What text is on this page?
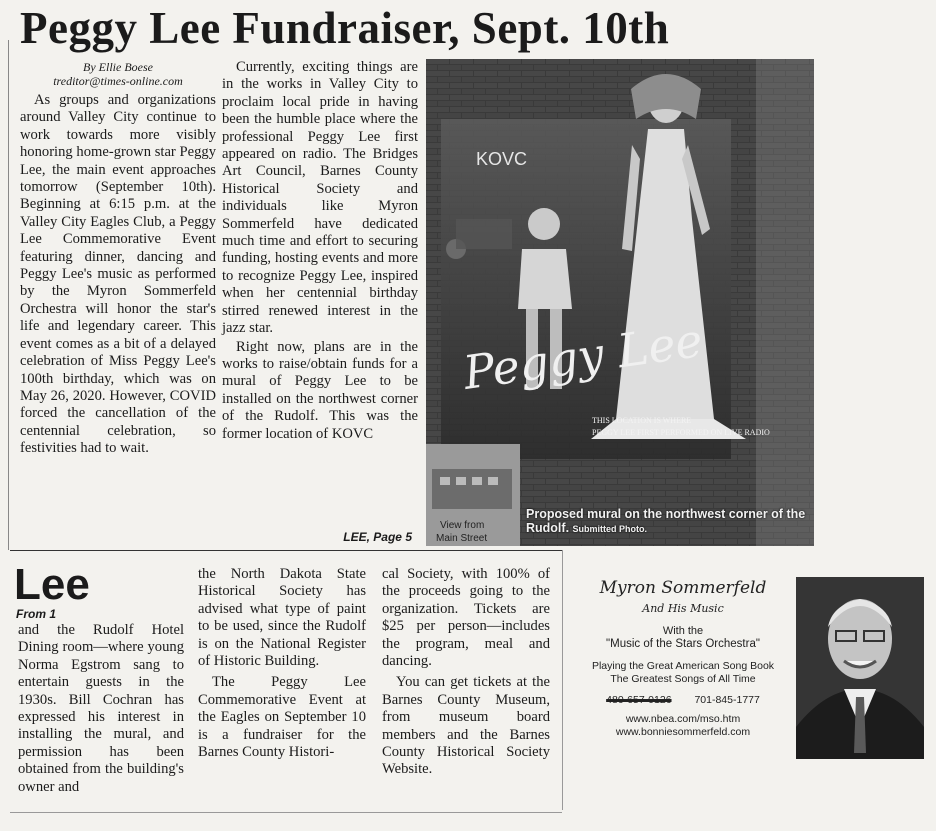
Peggy Lee Fundraiser, Sept. 10th
By Ellie Boese
treditor@times-online.com

As groups and organizations around Valley City continue to work towards more visibly honoring home-grown star Peggy Lee, the main event approaches tomorrow (September 10th). Beginning at 6:15 p.m. at the Valley City Eagles Club, a Peggy Lee Commemorative Event featuring dinner, dancing and Peggy Lee's music as performed by the Myron Sommerfeld Orchestra will honor the star's life and legendary career. This event comes as a bit of a delayed celebration of Miss Peggy Lee's 100th birthday, which was on May 26, 2020. However, COVID forced the cancellation of the centennial celebration, so festivities had to wait.

Currently, exciting things are in the works in Valley City to proclaim local pride in having been the humble place where the professional Peggy Lee first appeared on radio. The Bridges Art Council, Barnes County Historical Society and individuals like Myron Sommerfeld have dedicated much time and effort to securing funding, hosting events and more to recognize Peggy Lee, inspired when her centennial birthday stirred renewed interest in the jazz star.

Right now, plans are in the works to raise/obtain funds for a mural of Peggy Lee to be installed on the northwest corner of the Rudolf. This was the former location of KOVC

LEE, Page 5
KOVC
Peggy Lee
THIS LOCATION IS WHERE
PEGGY LEE FIRST PERFORMED ON LIVE RADIO
View from
Main Street
Proposed mural on the northwest corner of the Rudolf. Submitted Photo.
Lee
From 1

and the Rudolf Hotel Dining room—where young Norma Egstrom sang to entertain guests in the 1930s. Bill Cochran has expressed his interest in installing the mural, and permission has been obtained from the building's owner and

the North Dakota State Historical Society has advised what type of paint to be used, since the Rudolf is on the National Register of Historic Building.

The Peggy Lee Commemorative Event at the Eagles on September 10 is a fundraiser for the Barnes County Histori-

cal Society, with 100% of the proceeds going to the organization. Tickets are $25 per person—includes the program, meal and dancing.

You can get tickets at the Barnes County Museum, from museum board members and the Barnes County Historical Society Website.

Myron Sommerfeld
And His Music
With the
"Music of the Stars Orchestra"
Playing the Great American Song Book
The Greatest Songs of All Time
480-657-0126 701-845-1777
www.nbea.com/mso.htm
www.bonniesommerfeld.com
